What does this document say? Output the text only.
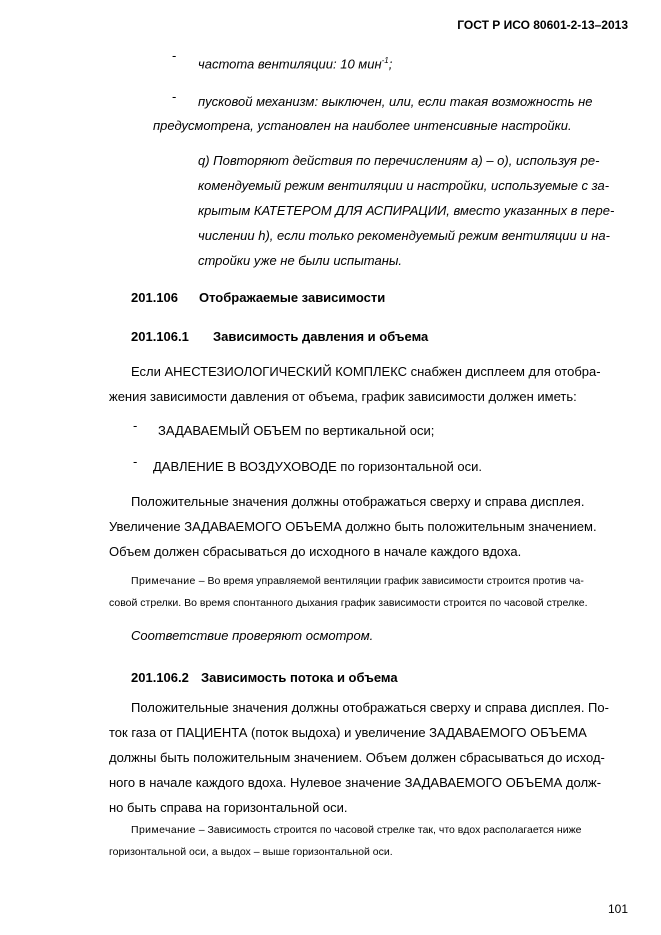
ГОСТ Р ИСО 80601-2-13–2013
-
частота вентиляции: 10 мин$^{-1}$;
- пусковой механизм: выключен, или, если такая возможность не
предусмотрена, установлен на наиболее интенсивные настройки.
q) Повторяют действия по перечислениям a) – o), используя ре-
комендуемый режим вентиляции и настройки, используемые с за-
крытым КАТЕТЕРОМ ДЛЯ АСПИРАЦИИ, вместо указанных в пере-
числении h), если только рекомендуемый режим вентиляции и на-
стройки уже не были испытаны.
201.106 Отображаемые зависимости
201.106.1 Зависимость давления и объема
Если АНЕСТЕЗИОЛОГИЧЕСКИЙ КОМПЛЕКС снабжен дисплеем для отобра-
жения зависимости давления от объема, график зависимости должен иметь:
- ЗАДАВАЕМЫЙ ОБЪЕМ по вертикальной оси;
- ДАВЛЕНИЕ В ВОЗДУХОВОДЕ по горизонтальной оси.
Положительные значения должны отображаться сверху и справа дисплея.
Увеличение ЗАДАВАЕМОГО ОБЪЕМА должно быть положительным значением.
Объем должен сбрасываться до исходного в начале каждого вдоха.
Примечание – Во время управляемой вентиляции график зависимости строится против ча-
совой стрелки. Во время спонтанного дыхания график зависимости строится по часовой стрелке.
Соответствие проверяют осмотром.
201.106.2 Зависимость потока и объема
Положительные значения должны отображаться сверху и справа дисплея. По-
ток газа от ПАЦИЕНТА (поток выдоха) и увеличение ЗАДАВАЕМОГО ОБЪЕМА
должны быть положительным значением. Объем должен сбрасываться до исход-
ного в начале каждого вдоха. Нулевое значение ЗАДАВАЕМОГО ОБЪЕМА долж-
но быть справа на горизонтальной оси.
Примечание – Зависимость строится по часовой стрелке так, что вдох располагается ниже
горизонтальной оси, а выдох – выше горизонтальной оси.
101
